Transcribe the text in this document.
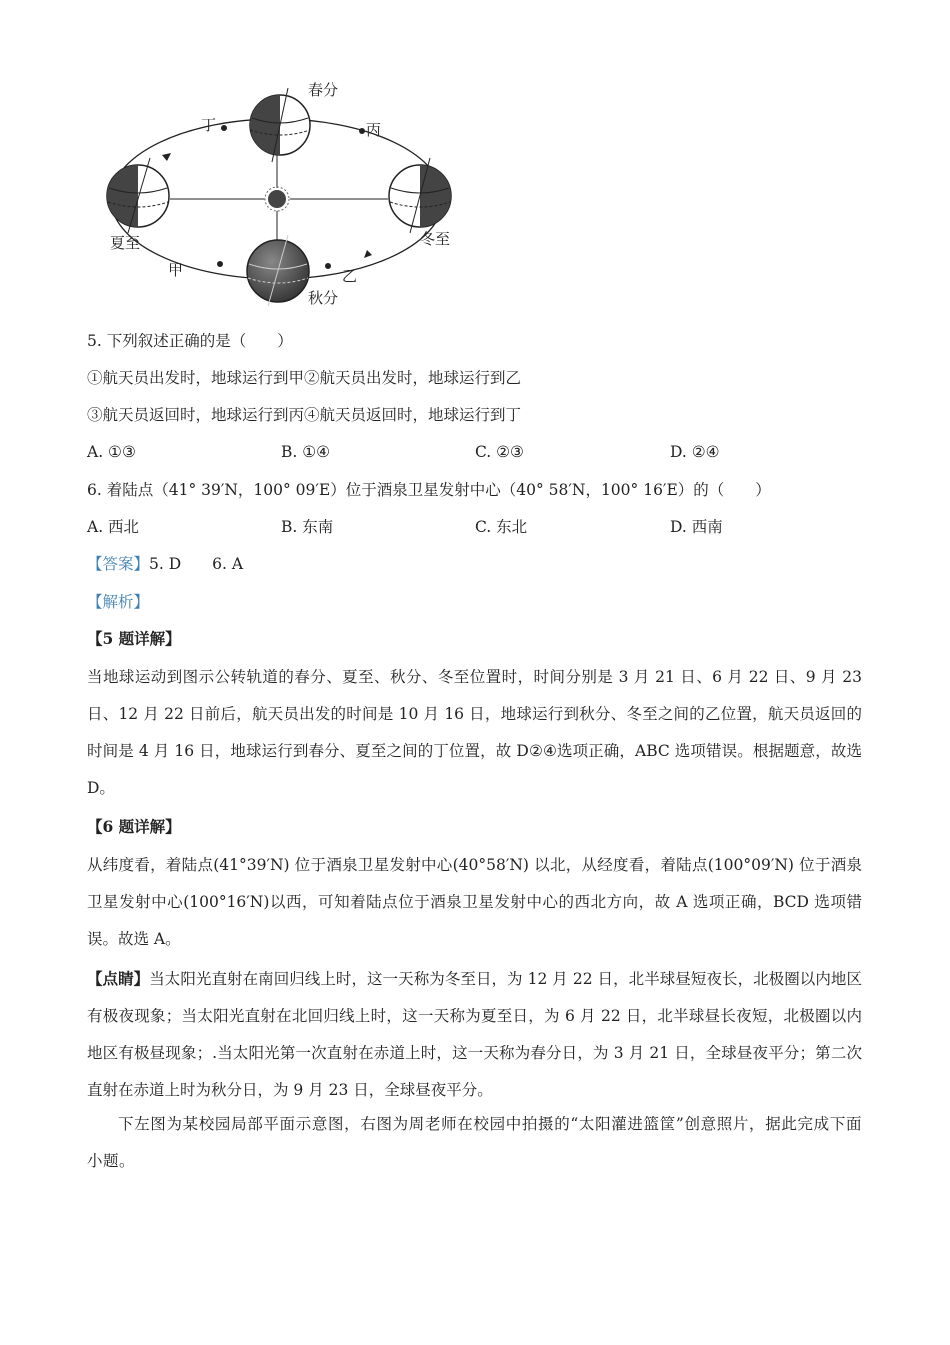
春分
夏至	冬至
秋分
丁	丙
甲	乙
5. 下列叙述正确的是（　　）
①航天员出发时，地球运行到甲②航天员出发时，地球运行到乙
③航天员返回时，地球运行到丙④航天员返回时，地球运行到丁
A. ①③	B. ①④	C. ②③	D. ②④
6. 着陆点（41° 39′N，100° 09′E）位于酒泉卫星发射中心（40° 58′N，100° 16′E）的（　　）
A. 西北	B. 东南	C. 东北	D. 西南
【答案】5. D　　6. A
【解析】
【5 题详解】
当地球运动到图示公转轨道的春分、夏至、秋分、冬至位置时，时间分别是 3 月 21 日、6 月 22 日、9 月 23 日、12 月 22 日前后，航天员出发的时间是 10 月 16 日，地球运行到秋分、冬至之间的乙位置，航天员返回的时间是 4 月 16 日，地球运行到春分、夏至之间的丁位置，故 D②④选项正确，ABC 选项错误。根据题意，故选 D。
【6 题详解】
从纬度看，着陆点(41°39′N) 位于酒泉卫星发射中心(40°58′N) 以北，从经度看，着陆点(100°09′N) 位于酒泉卫星发射中心(100°16′N)以西，可知着陆点位于酒泉卫星发射中心的西北方向，故 A 选项正确，BCD 选项错误。故选 A。
【点睛】当太阳光直射在南回归线上时，这一天称为冬至日，为 12 月 22 日，北半球昼短夜长，北极圈以内地区有极夜现象；当太阳光直射在北回归线上时，这一天称为夏至日，为 6 月 22 日，北半球昼长夜短，北极圈以内地区有极昼现象；.当太阳光第一次直射在赤道上时，这一天称为春分日，为 3 月 21 日，全球昼夜平分；第二次直射在赤道上时为秋分日，为 9 月 23 日，全球昼夜平分。
下左图为某校园局部平面示意图，右图为周老师在校园中拍摄的“太阳灌进篮筐”创意照片，据此完成下面小题。
